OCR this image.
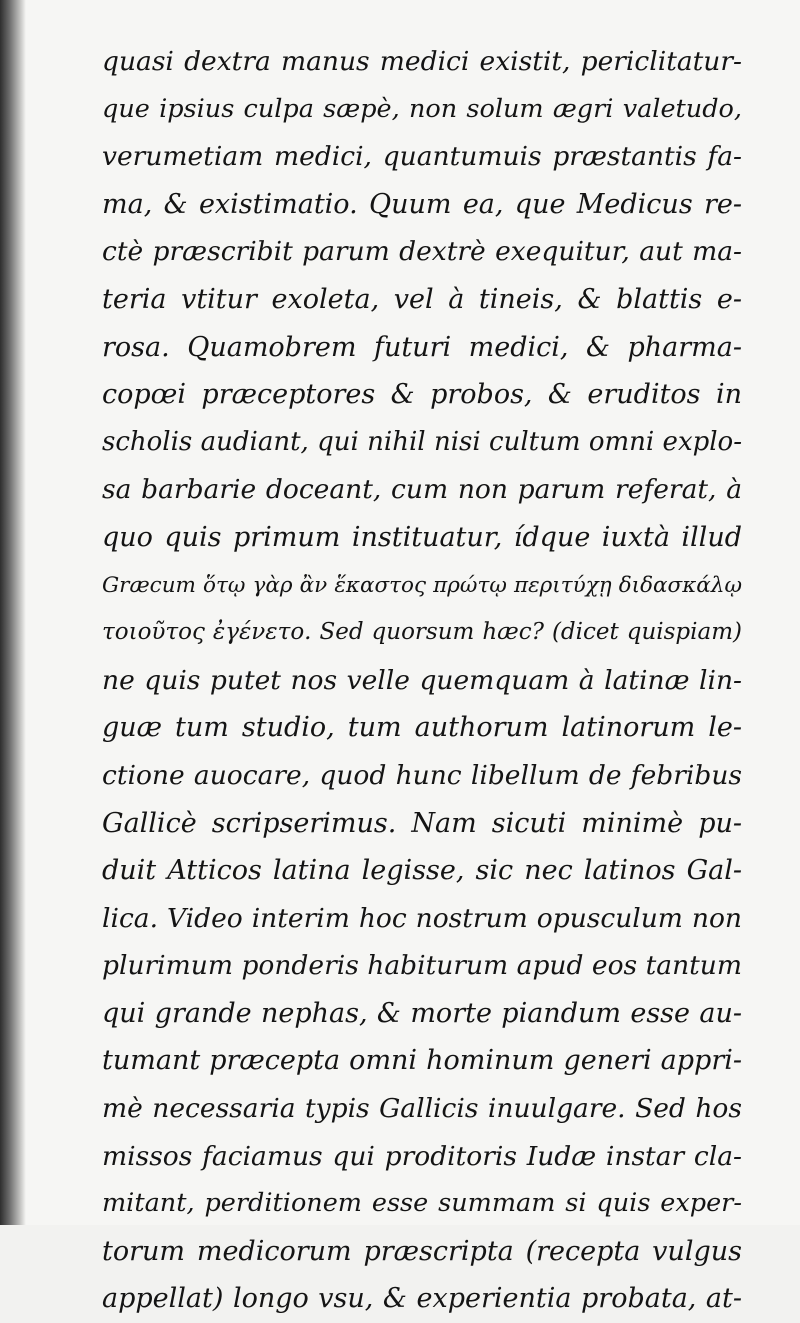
quasi dextra manus medici existit, periclitatur-
que ipsius culpa sæpè, non solum ægri valetudo,
verumetiam medici, quantumuis præstantis fa-
ma, & existimatio. Quum ea, que Medicus re-
ctè præscribit parum dextrè exequitur, aut ma-
teria vtitur exoleta, vel à tineis, & blattis e-
rosa. Quamobrem futuri medici, & pharma-
copœi præceptores & probos, & eruditos in
scholis audiant, qui nihil nisi cultum omni explo-
sa barbarie doceant, cum non parum referat, à
quo quis primum instituatur, ídque iuxtà illud
Græcum ὅτῳ γὰρ ἂν ἕκαστος πρώτῳ περιτύχῃ διδασκάλῳ
τοιοῦτος ἐγένετο. Sed quorsum hæc? (dicet quispiam)
ne quis putet nos velle quemquam à latinæ lin-
guæ tum studio, tum authorum latinorum le-
ctione auocare, quod hunc libellum de febribus
Gallicè scripserimus. Nam sicuti minimè pu-
duit Atticos latina legisse, sic nec latinos Gal-
lica. Video interim hoc nostrum opusculum non
plurimum ponderis habiturum apud eos tantum
qui grande nephas, & morte piandum esse au-
tumant præcepta omni hominum generi appri-
mè necessaria typis Gallicis inuulgare. Sed hos
missos faciamus qui proditoris Iudæ instar cla-
mitant, perditionem esse summam si quis exper-
torum medicorum præscripta (recepta vulgus
appellat) longo vsu, & experientia probata, at-
